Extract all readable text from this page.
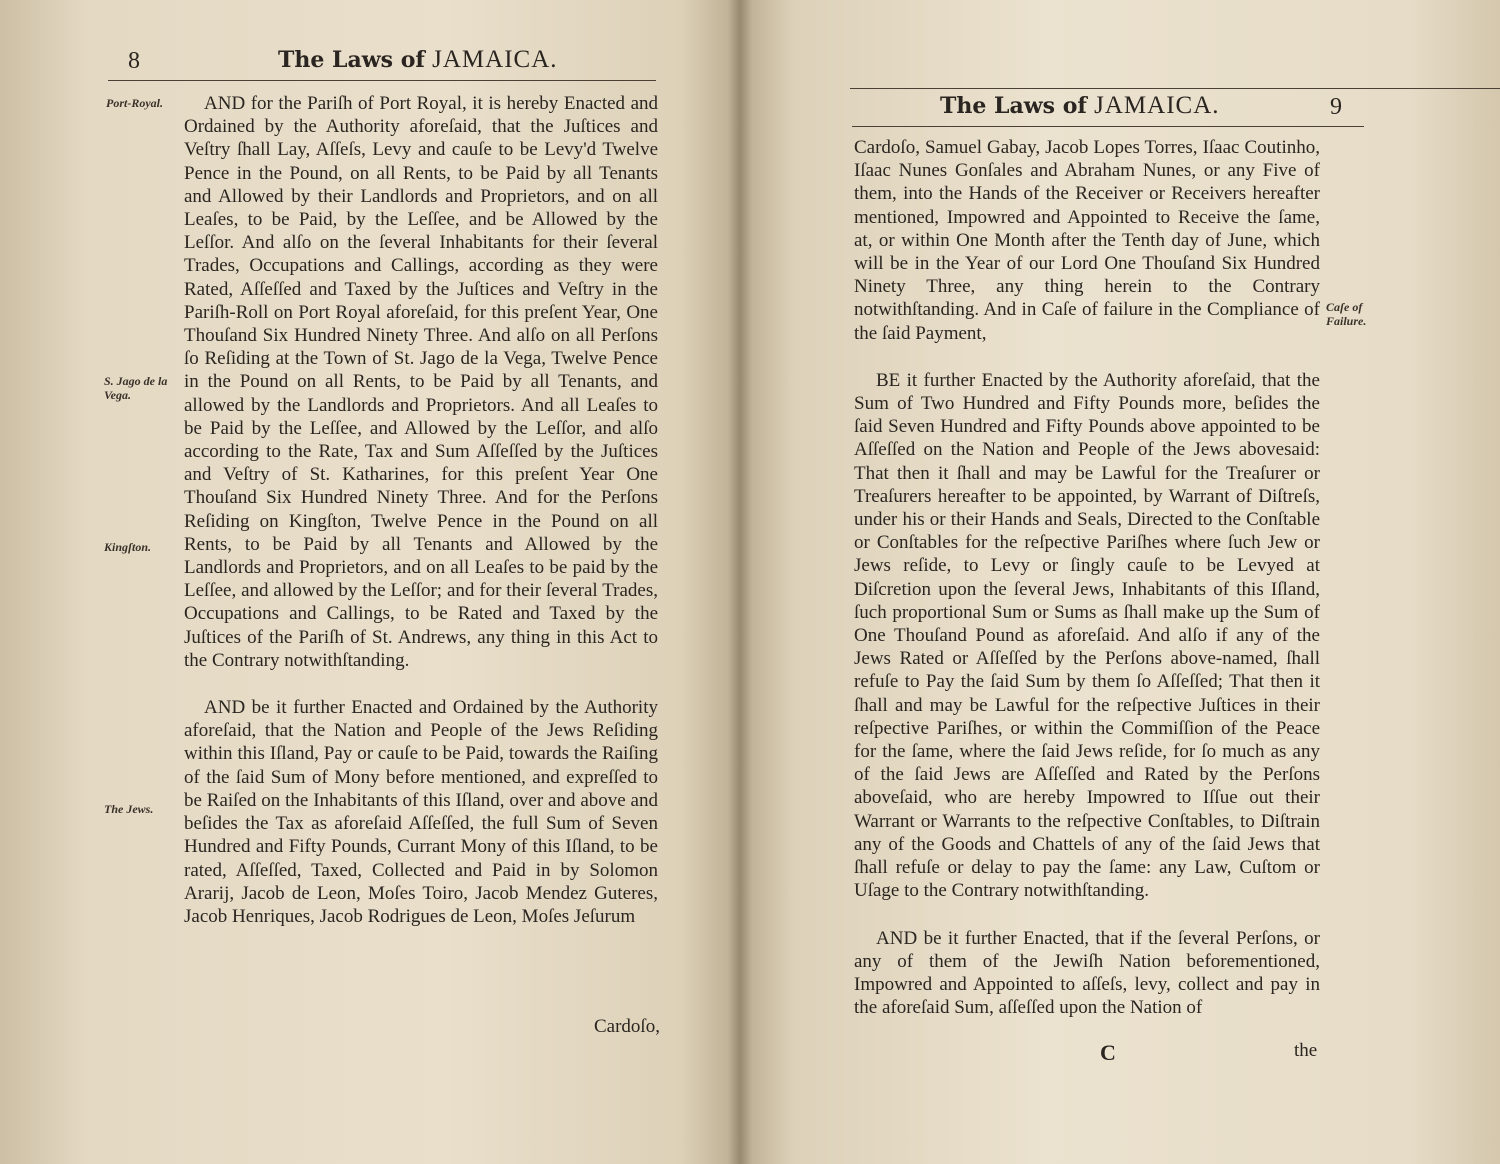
8	The Laws of JAMAICA.
Port-Royal.
S. Jago de la Vega.
Kingſton.
The Jews.

AND for the Pariſh of Port Royal, it is hereby Enacted and Ordained by the Authority aforeſaid, that the Juſtices and Veſtry ſhall Lay, Aſſeſs, Levy and cauſe to be Levy'd Twelve Pence in the Pound, on all Rents, to be Paid by all Tenants and Allowed by their Landlords and Proprietors, and on all Leaſes, to be Paid, by the Leſſee, and be Allowed by the Leſſor. And alſo on the ſeveral Inhabitants for their ſeveral Trades, Occupations and Callings, according as they were Rated, Aſſeſſed and Taxed by the Juſtices and Veſtry in the Pariſh-Roll on Port Royal aforeſaid, for this preſent Year, One Thouſand Six Hundred Ninety Three. And alſo on all Perſons ſo Reſiding at the Town of St. Jago de la Vega, Twelve Pence in the Pound on all Rents, to be Paid by all Tenants, and allowed by the Landlords and Proprietors. And all Leaſes to be Paid by the Leſſee, and Allowed by the Leſſor, and alſo according to the Rate, Tax and Sum Aſſeſſed by the Juſtices and Veſtry of St. Katharines, for this preſent Year One Thouſand Six Hundred Ninety Three. And for the Perſons Reſiding on Kingſton, Twelve Pence in the Pound on all Rents, to be Paid by all Tenants and Allowed by the Landlords and Proprietors, and on all Leaſes to be paid by the Leſſee, and allowed by the Leſſor; and for their ſeveral Trades, Occupations and Callings, to be Rated and Taxed by the Juſtices of the Pariſh of St. Andrews, any thing in this Act to the Contrary notwithſtanding.

AND be it further Enacted and Ordained by the Authority aforeſaid, that the Nation and People of the Jews Reſiding within this Iſland, Pay or cauſe to be Paid, towards the Raiſing of the ſaid Sum of Mony before mentioned, and expreſſed to be Raiſed on the Inhabitants of this Iſland, over and above and beſides the Tax as aforeſaid Aſſeſſed, the full Sum of Seven Hundred and Fifty Pounds, Currant Mony of this Iſland, to be rated, Aſſeſſed, Taxed, Collected and Paid in by Solomon Ararij, Jacob de Leon, Moſes Toiro, Jacob Mendez Guteres, Jacob Henriques, Jacob Rodrigues de Leon, Moſes Jeſurum

Cardoſo,
The Laws of JAMAICA.	9

Cardoſo, Samuel Gabay, Jacob Lopes Torres, Iſaac Coutinho, Iſaac Nunes Gonſales and Abraham Nunes, or any Five of them, into the Hands of the Receiver or Receivers hereafter mentioned, Impowred and Appointed to Receive the ſame, at, or within One Month after the Tenth day of June, which will be in the Year of our Lord One Thouſand Six Hundred Ninety Three, any thing herein to the Contrary notwithſtanding. And in Caſe of failure in the Compliance of the ſaid Payment,

BE it further Enacted by the Authority aforeſaid, that the Sum of Two Hundred and Fifty Pounds more, beſides the ſaid Seven Hundred and Fifty Pounds above appointed to be Aſſeſſed on the Nation and People of the Jews abovesaid: That then it ſhall and may be Lawful for the Treaſurer or Treaſurers hereafter to be appointed, by Warrant of Diſtreſs, under his or their Hands and Seals, Directed to the Conſtable or Conſtables for the reſpective Pariſhes where ſuch Jew or Jews reſide, to Levy or ſingly cauſe to be Levyed at Diſcretion upon the ſeveral Jews, Inhabitants of this Iſland, ſuch proportional Sum or Sums as ſhall make up the Sum of One Thouſand Pound as aforeſaid. And alſo if any of the Jews Rated or Aſſeſſed by the Perſons above-named, ſhall refuſe to Pay the ſaid Sum by them ſo Aſſeſſed; That then it ſhall and may be Lawful for the reſpective Juſtices in their reſpective Pariſhes, or within the Commiſſion of the Peace for the ſame, where the ſaid Jews reſide, for ſo much as any of the ſaid Jews are Aſſeſſed and Rated by the Perſons aboveſaid, who are hereby Impowred to Iſſue out their Warrant or Warrants to the reſpective Conſtables, to Diſtrain any of the Goods and Chattels of any of the ſaid Jews that ſhall refuſe or delay to pay the ſame: any Law, Cuſtom or Uſage to the Contrary notwithſtanding.

AND be it further Enacted, that if the ſeveral Perſons, or any of them of the Jewiſh Nation beforementioned, Impowred and Appointed to aſſeſs, levy, collect and pay in the aforeſaid Sum, aſſeſſed upon the Nation of

Caſe of Failure.
C	the
